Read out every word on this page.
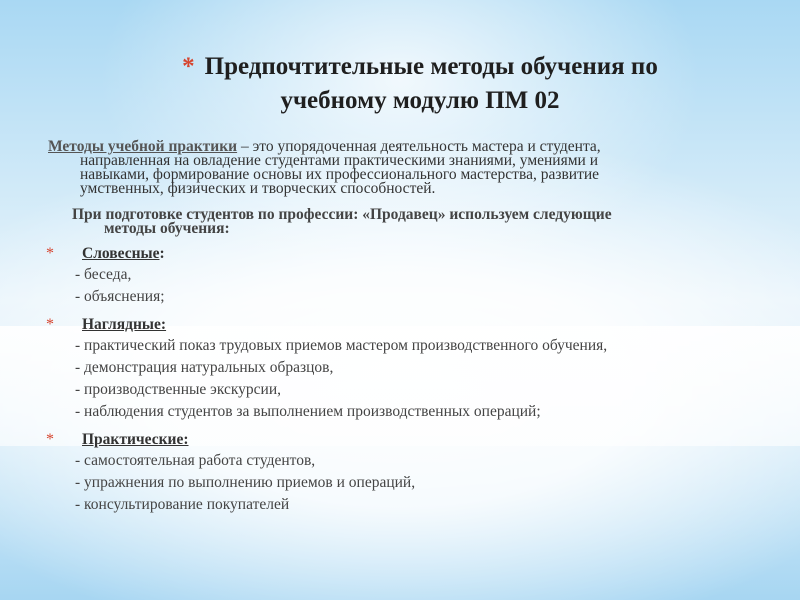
* Предпочтительные методы обучения по
учебному модулю ПМ 02
Методы учебной практики – это упорядоченная деятельность мастера и студента,
направленная на овладение студентами практическими знаниями, умениями и
навыками, формирование основы их профессионального мастерства, развитие
умственных, физических и творческих способностей.
При подготовке студентов по профессии: «Продавец» используем следующие
методы обучения:
* Словесные:
- беседа,
- объяснения;
* Наглядные:
- практический показ трудовых приемов мастером производственного обучения,
- демонстрация натуральных образцов,
- производственные экскурсии,
- наблюдения студентов за выполнением производственных операций;
* Практические:
- самостоятельная работа студентов,
- упражнения по выполнению приемов и операций,
- консультирование покупателей
